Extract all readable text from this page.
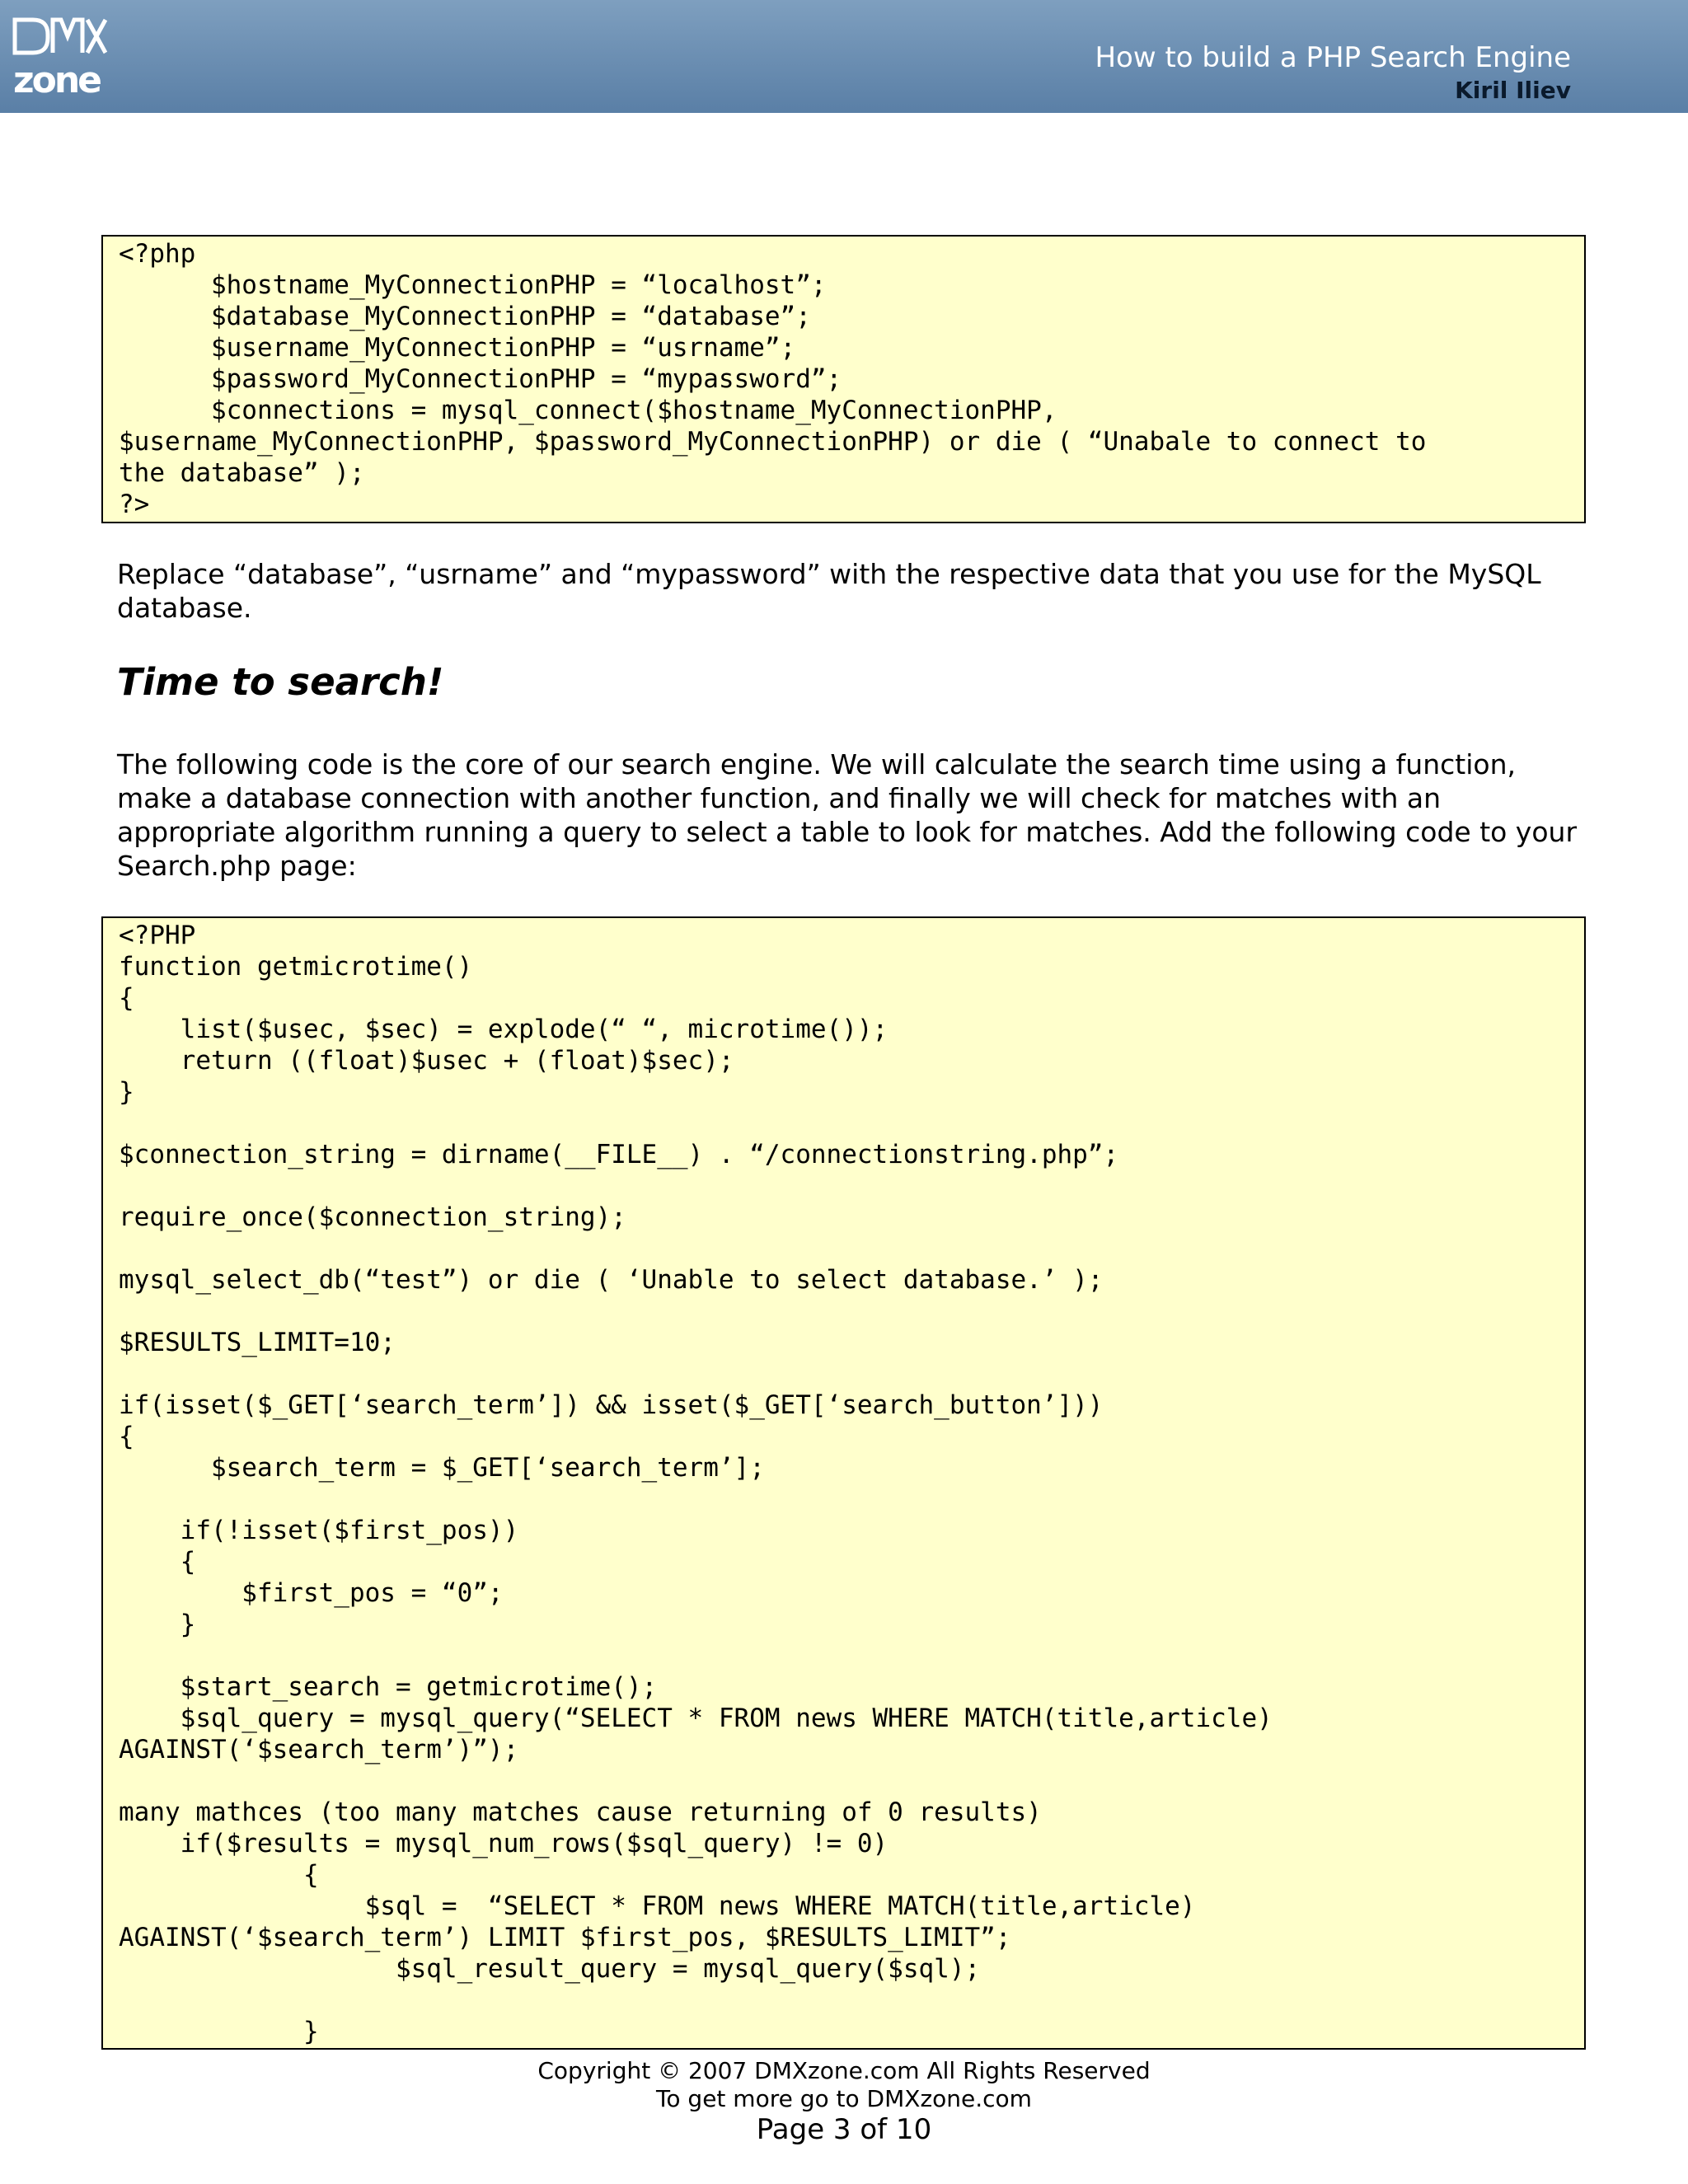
zone
How to build a PHP Search Engine
Kiril Iliev
<?php
$hostname_MyConnectionPHP = “localhost”;
$database_MyConnectionPHP = “database”;
$username_MyConnectionPHP = “usrname”;
$password_MyConnectionPHP = “mypassword”;
$connections = mysql_connect($hostname_MyConnectionPHP,
$username_MyConnectionPHP, $password_MyConnectionPHP) or die ( “Unabale to connect to
the database” );
?>

Replace “database”, “usrname” and “mypassword” with the respective data that you use for the MySQL database.

Time to search!

The following code is the core of our search engine. We will calculate the search time using a function, make a database connection with another function, and finally we will check for matches with an appropriate algorithm running a query to select a table to look for matches. Add the following code to your Search.php page:

<?PHP
function getmicrotime()
{
list($usec, $sec) = explode(“ “, microtime());
return ((float)$usec + (float)$sec);
}

$connection_string = dirname(__FILE__) . “/connectionstring.php”;

require_once($connection_string);

mysql_select_db(“test”) or die ( ‘Unable to select database.’ );

$RESULTS_LIMIT=10;

if(isset($_GET[‘search_term’]) && isset($_GET[‘search_button’]))
{
$search_term = $_GET[‘search_term’];

if(!isset($first_pos))
{
$first_pos = “0”;
}

$start_search = getmicrotime();
$sql_query = mysql_query(“SELECT * FROM news WHERE MATCH(title,article)
AGAINST(‘$search_term’)”);

many mathces (too many matches cause returning of 0 results)
if($results = mysql_num_rows($sql_query) != 0)
{
$sql =  “SELECT * FROM news WHERE MATCH(title,article)
AGAINST(‘$search_term’) LIMIT $first_pos, $RESULTS_LIMIT”;
$sql_result_query = mysql_query($sql);

}
Copyright © 2007 DMXzone.com All Rights Reserved
To get more go to DMXzone.com
Page 3 of 10
